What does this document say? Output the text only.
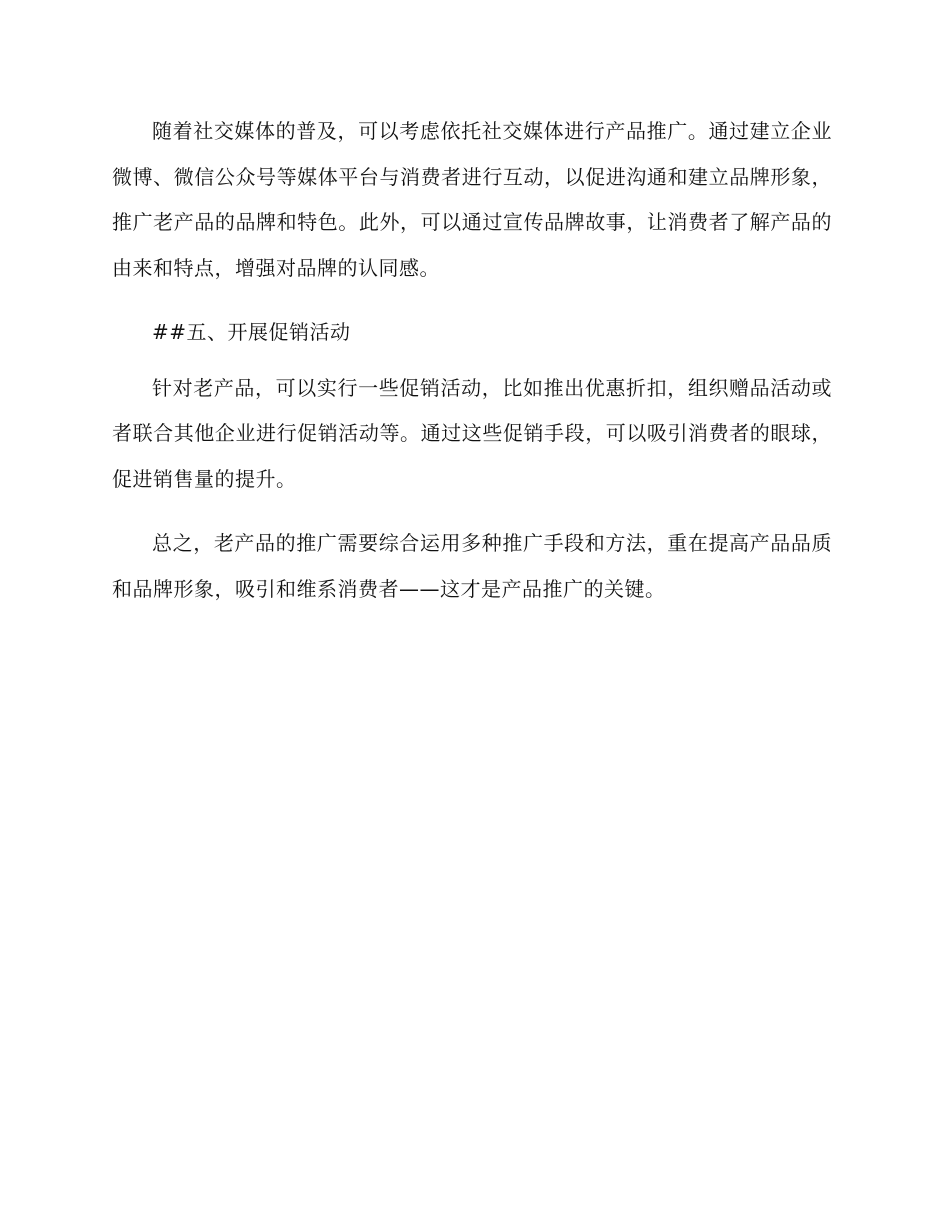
随着社交媒体的普及，可以考虑依托社交媒体进行产品推广。通过建立企业微博、微信公众号等媒体平台与消费者进行互动，以促进沟通和建立品牌形象，推广老产品的品牌和特色。此外，可以通过宣传品牌故事，让消费者了解产品的由来和特点，增强对品牌的认同感。

##五、开展促销活动

针对老产品，可以实行一些促销活动，比如推出优惠折扣，组织赠品活动或者联合其他企业进行促销活动等。通过这些促销手段，可以吸引消费者的眼球，促进销售量的提升。

总之，老产品的推广需要综合运用多种推广手段和方法，重在提高产品品质和品牌形象，吸引和维系消费者——这才是产品推广的关键。
